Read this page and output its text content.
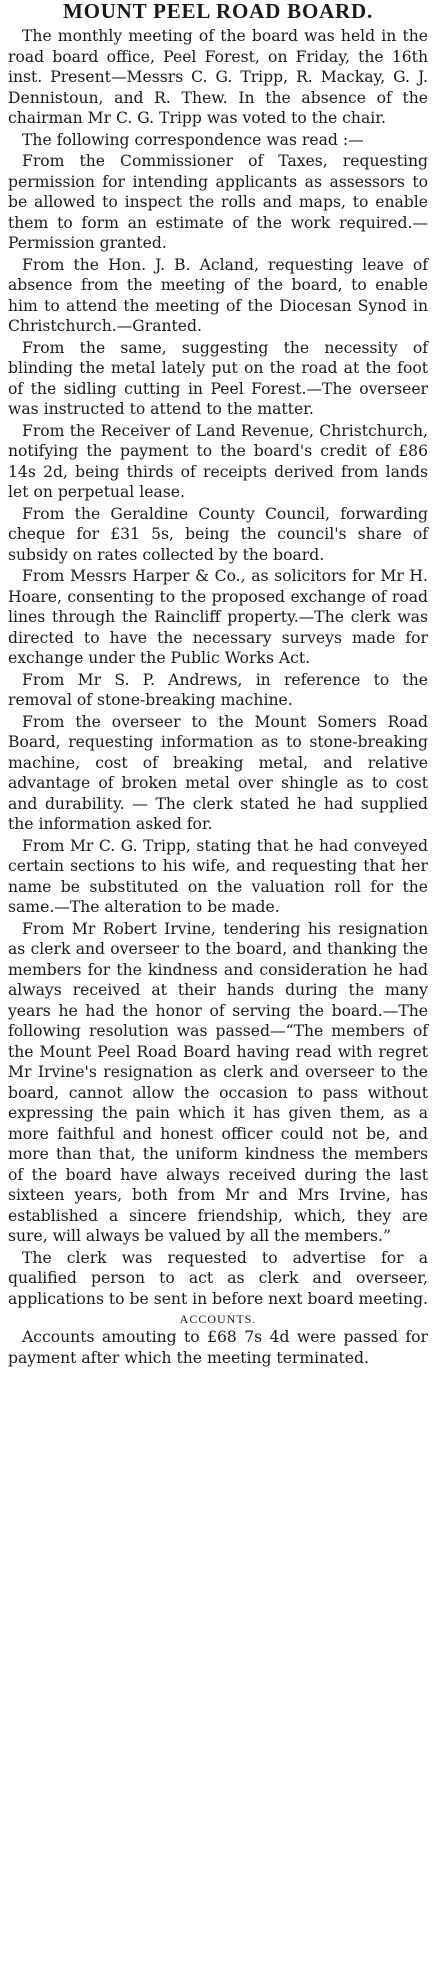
MOUNT PEEL ROAD BOARD.

The monthly meeting of the board was held in the road board office, Peel Forest, on Friday, the 16th inst. Present—Messrs C. G. Tripp, R. Mackay, G. J. Dennistoun, and R. Thew. In the absence of the chairman Mr C. G. Tripp was voted to the chair.

The following correspondence was read :—

From the Commissioner of Taxes, requesting permission for intending applicants as assessors to be allowed to inspect the rolls and maps, to enable them to form an estimate of the work required.—Permission granted.

From the Hon. J. B. Acland, requesting leave of absence from the meeting of the board, to enable him to attend the meeting of the Diocesan Synod in Christchurch.—Granted.

From the same, suggesting the necessity of blinding the metal lately put on the road at the foot of the sidling cutting in Peel Forest.—The overseer was instructed to attend to the matter.

From the Receiver of Land Revenue, Christchurch, notifying the payment to the board's credit of £86 14s 2d, being thirds of receipts derived from lands let on perpetual lease.

From the Geraldine County Council, forwarding cheque for £31 5s, being the council's share of subsidy on rates collected by the board.

From Messrs Harper & Co., as solicitors for Mr H. Hoare, consenting to the proposed exchange of road lines through the Raincliff property.—The clerk was directed to have the necessary surveys made for exchange under the Public Works Act.

From Mr S. P. Andrews, in reference to the removal of stone-breaking machine.

From the overseer to the Mount Somers Road Board, requesting information as to stone-breaking machine, cost of breaking metal, and relative advantage of broken metal over shingle as to cost and durability. — The clerk stated he had supplied the information asked for.

From Mr C. G. Tripp, stating that he had conveyed certain sections to his wife, and requesting that her name be substituted on the valuation roll for the same.—The alteration to be made.

From Mr Robert Irvine, tendering his resignation as clerk and overseer to the board, and thanking the members for the kindness and consideration he had always received at their hands during the many years he had the honor of serving the board.—The following resolution was passed—“The members of the Mount Peel Road Board having read with regret Mr Irvine's resignation as clerk and overseer to the board, cannot allow the occasion to pass without expressing the pain which it has given them, as a more faithful and honest officer could not be, and more than that, the uniform kindness the members of the board have always received during the last sixteen years, both from Mr and Mrs Irvine, has established a sincere friendship, which, they are sure, will always be valued by all the members.”

The clerk was requested to advertise for a qualified person to act as clerk and overseer, applications to be sent in before next board meeting.

ACCOUNTS.

Accounts amouting to £68 7s 4d were passed for payment after which the meeting terminated.
